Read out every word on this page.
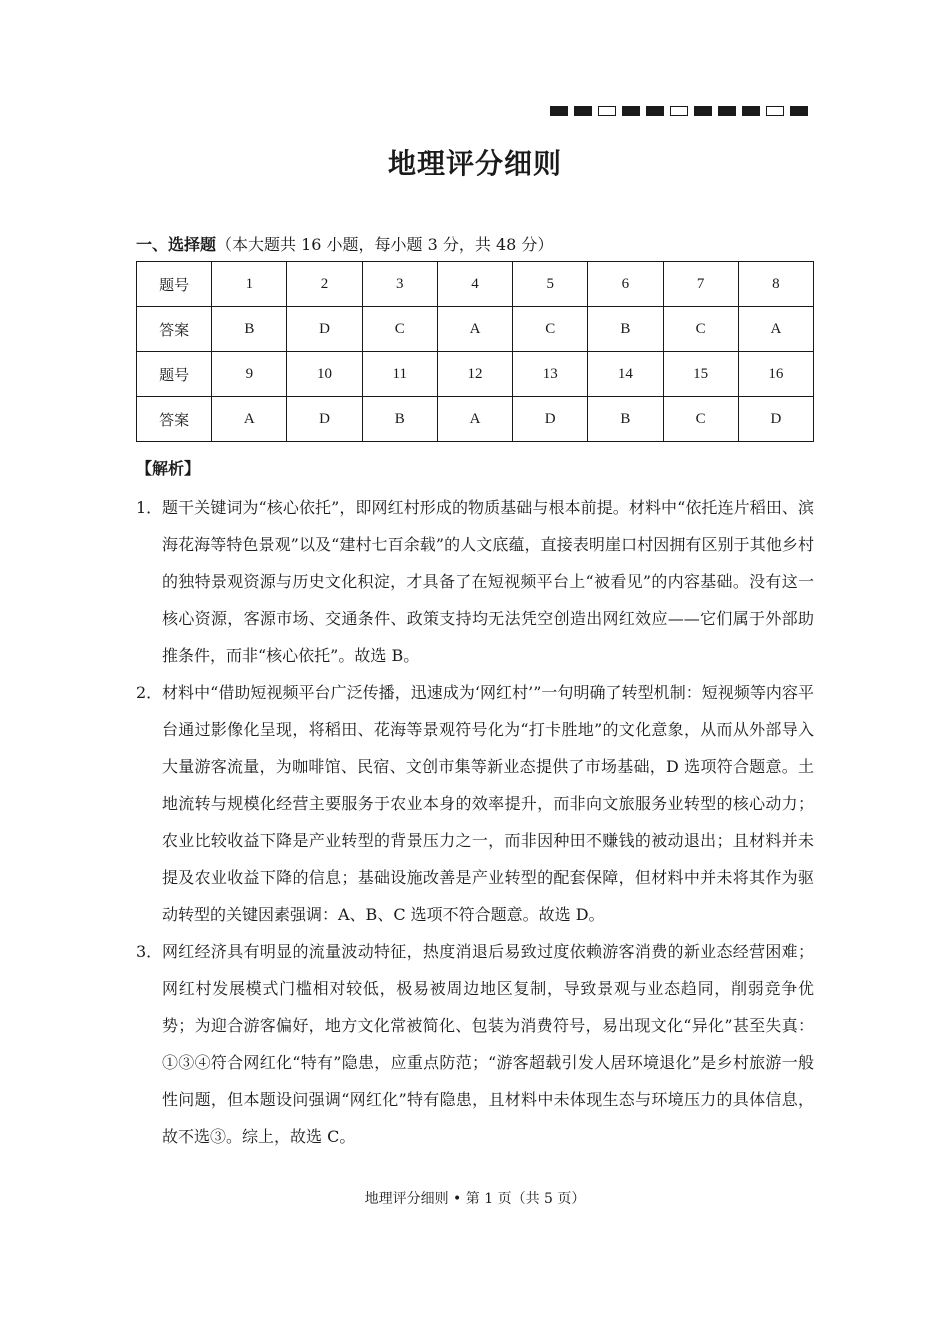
地理评分细则
一、选择题（本大题共 16 小题，每小题 3 分，共 48 分）
题号	1	2	3	4	5	6	7	8
答案	B	D	C	A	C	B	C	A
题号	9	10	11	12	13	14	15	16
答案	A	D	B	A	D	B	C	D
【解析】
1． 题干关键词为“核心依托”，即网红村形成的物质基础与根本前提。材料中“依托连片稻田、滨海花海等特色景观”以及“建村七百余载”的人文底蕴，直接表明崖口村因拥有区别于其他乡村的独特景观资源与历史文化积淀，才具备了在短视频平台上“被看见”的内容基础。没有这一核心资源，客源市场、交通条件、政策支持均无法凭空创造出网红效应——它们属于外部助推条件，而非“核心依托”。故选 B。
2． 材料中“借助短视频平台广泛传播，迅速成为‘网红村’”一句明确了转型机制：短视频等内容平台通过影像化呈现，将稻田、花海等景观符号化为“打卡胜地”的文化意象，从而从外部导入大量游客流量，为咖啡馆、民宿、文创市集等新业态提供了市场基础，D 选项符合题意。土地流转与规模化经营主要服务于农业本身的效率提升，而非向文旅服务业转型的核心动力；农业比较收益下降是产业转型的背景压力之一，而非因种田不赚钱的被动退出；且材料并未提及农业收益下降的信息；基础设施改善是产业转型的配套保障，但材料中并未将其作为驱动转型的关键因素强调：A、B、C 选项不符合题意。故选 D。
3． 网红经济具有明显的流量波动特征，热度消退后易致过度依赖游客消费的新业态经营困难；网红村发展模式门槛相对较低，极易被周边地区复制，导致景观与业态趋同，削弱竞争优势；为迎合游客偏好，地方文化常被简化、包装为消费符号，易出现文化“异化”甚至失真：①③④符合网红化“特有”隐患，应重点防范；“游客超载引发人居环境退化”是乡村旅游一般性问题，但本题设问强调“网红化”特有隐患，且材料中未体现生态与环境压力的具体信息，故不选③。综上，故选 C。
地理评分细则 • 第 1 页（共 5 页）
